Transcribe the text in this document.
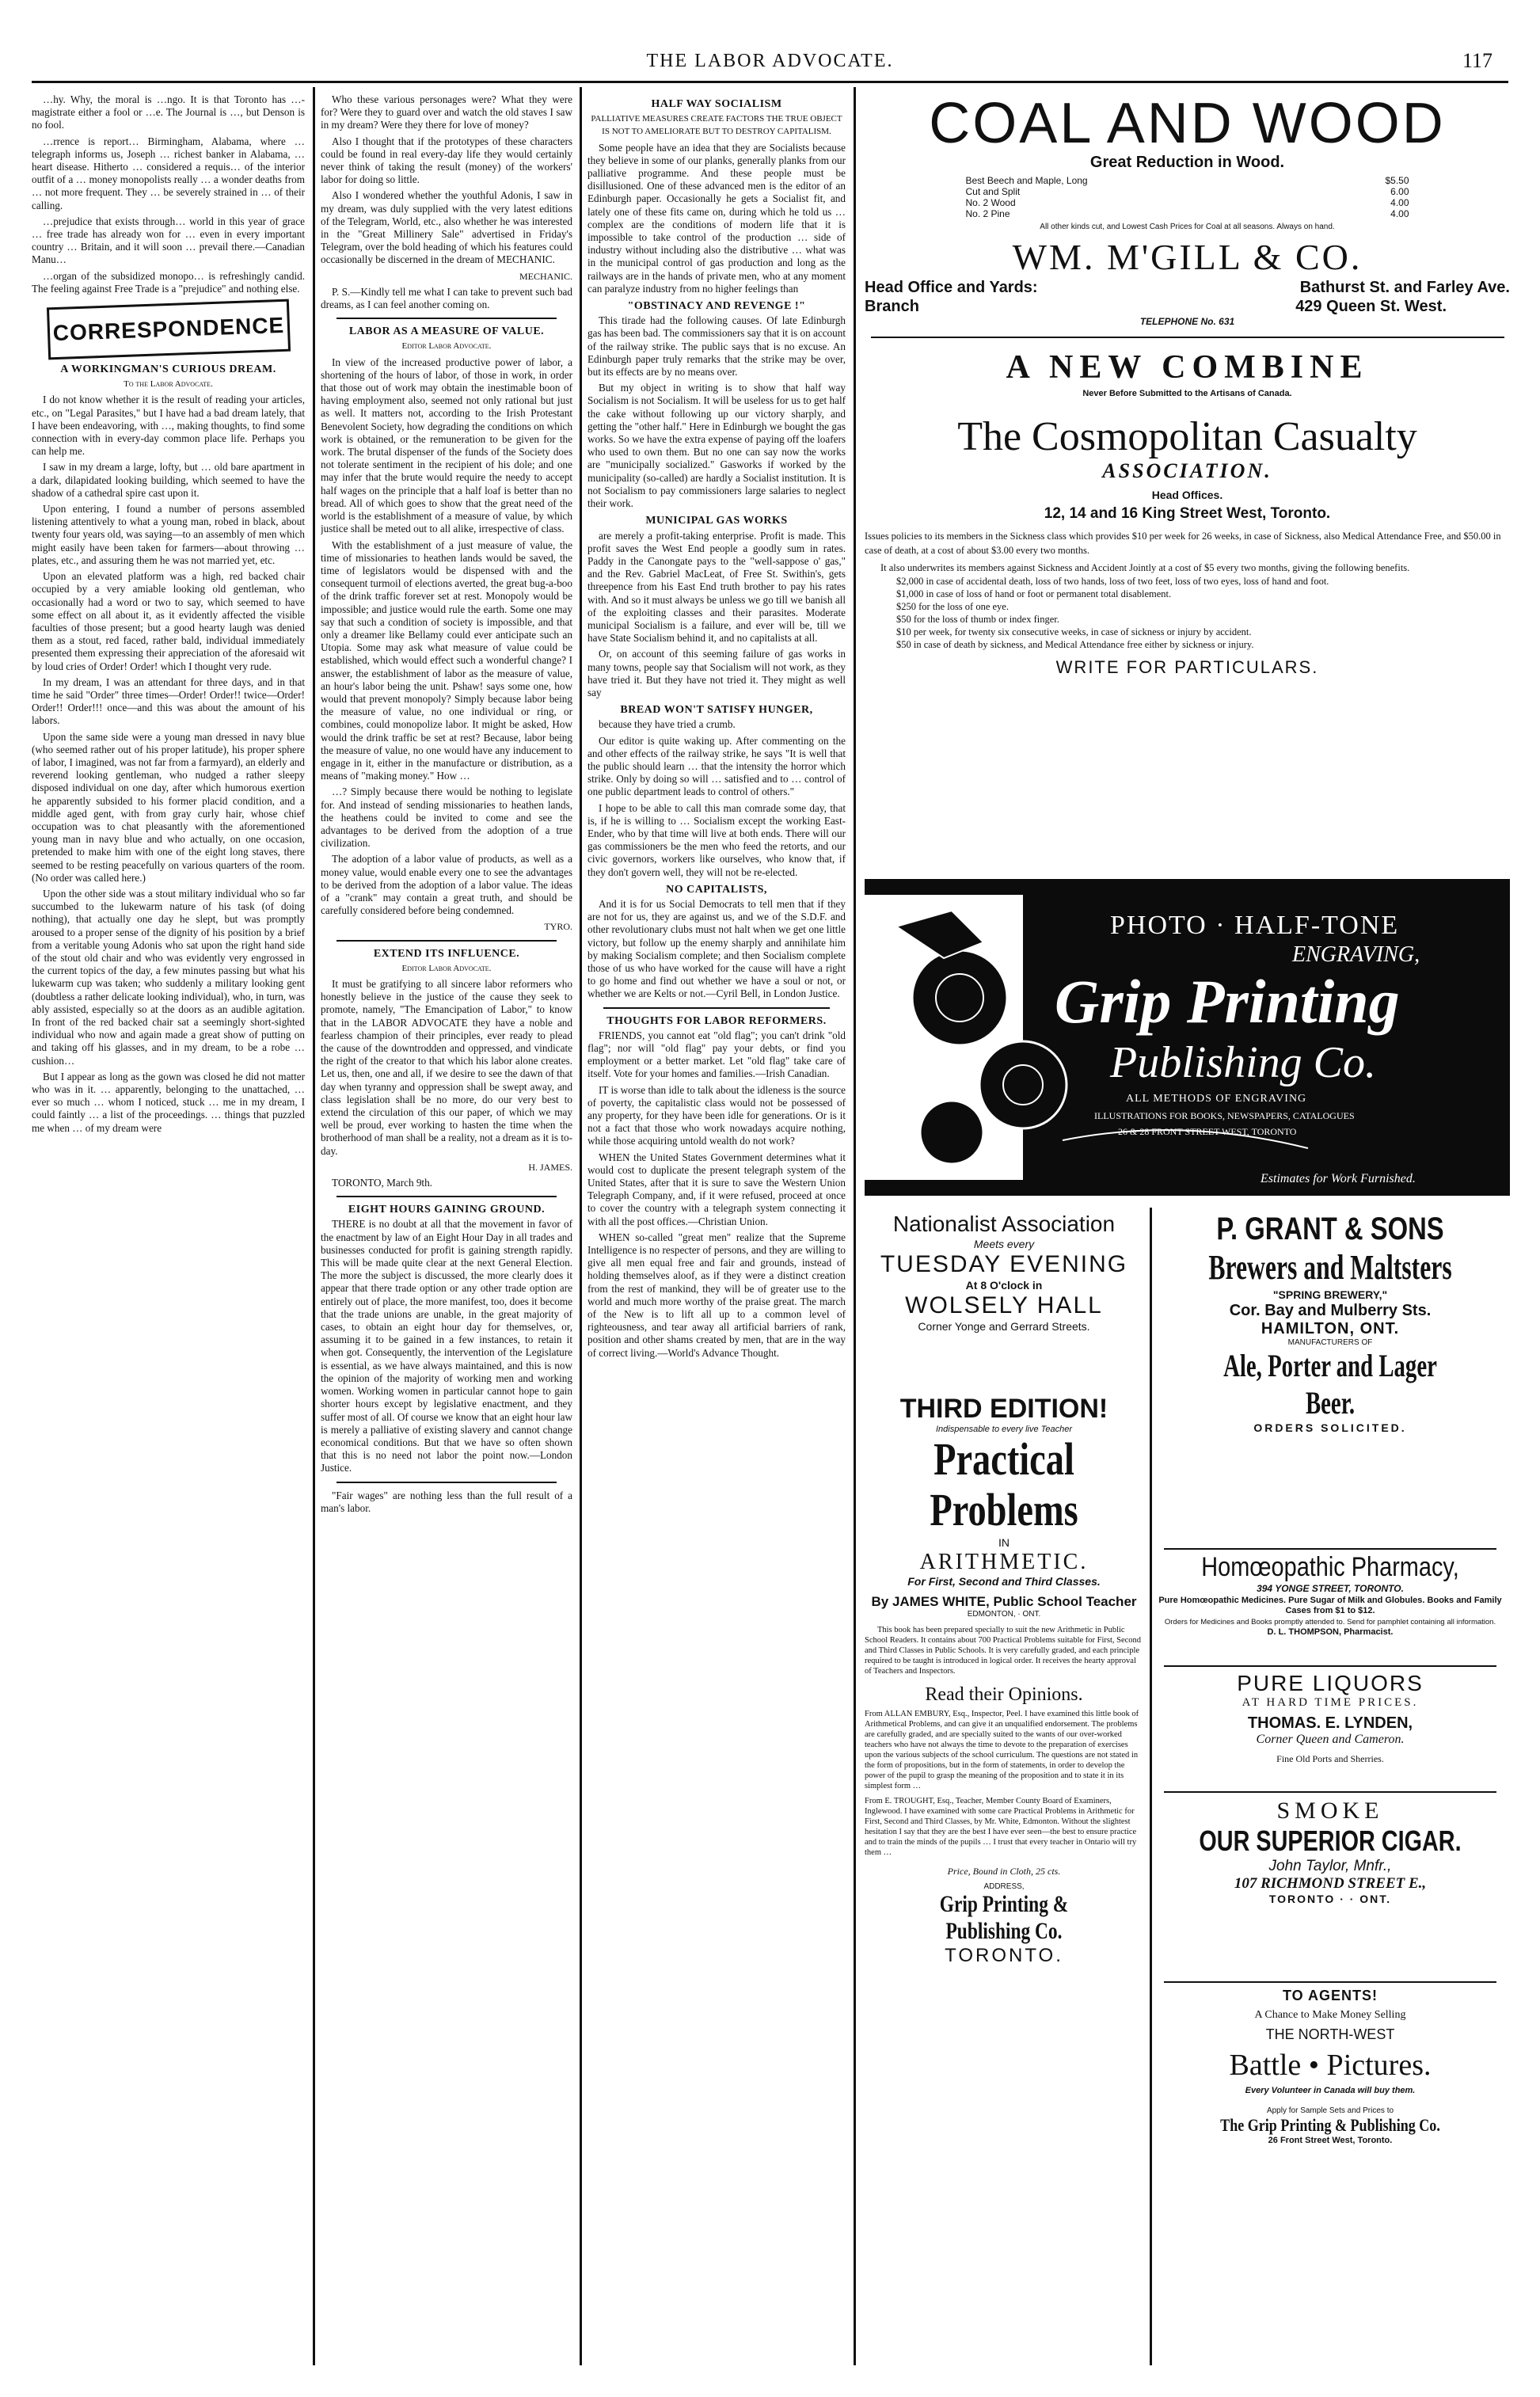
THE LABOR ADVOCATE.	117

…hy. Why, the moral is …ngo. It is that Toronto has …-magistrate either a fool or …e. The Journal is …, but Denson is no fool.

…rrence is report… Birmingham, Alabama, where … telegraph informs us, Joseph … richest banker in Alabama, … heart disease. Hitherto … considered a requis… of the interior outfit of a … money monopolists really … a wonder deaths from … not more frequent. They … be severely strained in … of their calling.

…prejudice that exists through… world in this year of grace … free trade has already won for … even in every important country … Britain, and it will soon … prevail there.—Canadian Manu…

…organ of the subsidized monopo… is refreshingly candid. The feeling against Free Trade is a "prejudice" and nothing else.

CORRESPONDENCE
A WORKINGMAN'S CURIOUS DREAM.
To the Labor Advocate.

I do not know whether it is the result of reading your articles, etc., on "Legal Parasites," but I have had a bad dream lately, that I have been endeavoring, with …, making thoughts, to find some connection with in every-day common place life. Perhaps you can help me.

I saw in my dream a large, lofty, but … old bare apartment in a dark, dilapidated looking building, which seemed to have the shadow of a cathedral spire cast upon it.

Upon entering, I found a number of persons assembled listening attentively to what a young man, robed in black, about twenty four years old, was saying—to an assembly of men which might easily have been taken for farmers—about throwing … plates, etc., and assuring them he was not married yet, etc.

Upon an elevated platform was a high, red backed chair occupied by a very amiable looking old gentleman, who occasionally had a word or two to say, which seemed to have some effect on all about it, as it evidently affected the visible faculties of those present; but a good hearty laugh was denied them as a stout, red faced, rather bald, individual immediately presented them expressing their appreciation of the aforesaid wit by loud cries of Order! Order! which I thought very rude.

In my dream, I was an attendant for three days, and in that time he said "Order" three times—Order! Order!! twice—Order! Order!! Order!!! once—and this was about the amount of his labors.

Upon the same side were a young man dressed in navy blue (who seemed rather out of his proper latitude), his proper sphere of labor, I imagined, was not far from a farmyard), an elderly and reverend looking gentleman, who nudged a rather sleepy disposed individual on one day, after which humorous exertion he apparently subsided to his former placid condition, and a middle aged gent, with from gray curly hair, whose chief occupation was to chat pleasantly with the aforementioned young man in navy blue and who actually, on one occasion, pretended to make him with one of the eight long staves, there seemed to be resting peacefully on various quarters of the room. (No order was called here.)

Upon the other side was a stout military individual who so far succumbed to the lukewarm nature of his task (of doing nothing), that actually one day he slept, but was promptly aroused to a proper sense of the dignity of his position by a brief from a veritable young Adonis who sat upon the right hand side of the stout old chair and who was evidently very engrossed in the current topics of the day, a few minutes passing but what his lukewarm cup was taken; who suddenly a military looking gent (doubtless a rather delicate looking individual), who, in turn, was ably assisted, especially so at the doors as an audible agitation. In front of the red backed chair sat a seemingly short-sighted individual who now and again made a great show of putting on and taking off his glasses, and in my dream, to be a robe … cushion…

But I appear as long as the gown was closed he did not matter who was in it. … apparently, belonging to the unattached, … ever so much … whom I noticed, stuck … me in my dream, I could faintly … a list of the proceedings. … things that puzzled me when … of my dream were

Who these various personages were? What they were for? Were they to guard over and watch the old staves I saw in my dream? Were they there for love of money?

Also I thought that if the prototypes of these characters could be found in real every-day life they would certainly never think of taking the result (money) of the workers' labor for doing so little.

Also I wondered whether the youthful Adonis, I saw in my dream, was duly supplied with the very latest editions of the Telegram, World, etc., also whether he was interested in the "Great Millinery Sale" advertised in Friday's Telegram, over the bold heading of which his features could occasionally be discerned in the dream of MECHANIC.

MECHANIC.

P. S.—Kindly tell me what I can take to prevent such bad dreams, as I can feel another coming on.

LABOR AS A MEASURE OF VALUE.
Editor Labor Advocate.

In view of the increased productive power of labor, a shortening of the hours of labor, of those in work, in order that those out of work may obtain the inestimable boon of having employment also, seemed not only rational but just as well. It matters not, according to the Irish Protestant Benevolent Society, how degrading the conditions on which work is obtained, or the remuneration to be given for the work. The brutal dispenser of the funds of the Society does not tolerate sentiment in the recipient of his dole; and one may infer that the brute would require the needy to accept half wages on the principle that a half loaf is better than no bread. All of which goes to show that the great need of the world is the establishment of a measure of value, by which justice shall be meted out to all alike, irrespective of class.

With the establishment of a just measure of value, the time of missionaries to heathen lands would be saved, the time of legislators would be dispensed with and the consequent turmoil of elections averted, the great bug-a-boo of the drink traffic forever set at rest. Monopoly would be impossible; and justice would rule the earth. Some one may say that such a condition of society is impossible, and that only a dreamer like Bellamy could ever anticipate such an Utopia. Some may ask what measure of value could be established, which would effect such a wonderful change? I answer, the establishment of labor as the measure of value, an hour's labor being the unit. Pshaw! says some one, how would that prevent monopoly? Simply because labor being the measure of value, no one individual or ring, or combines, could monopolize labor. It might be asked, How would the drink traffic be set at rest? Because, labor being the measure of value, no one would have any inducement to engage in it, either in the manufacture or distribution, as a means of "making money." How …

…? Simply because there would be nothing to legislate for. And instead of sending missionaries to heathen lands, the heathens could be invited to come and see the advantages to be derived from the adoption of a true civilization.

The adoption of a labor value of products, as well as a money value, would enable every one to see the advantages to be derived from the adoption of a labor value. The ideas of a "crank" may contain a great truth, and should be carefully considered before being condemned.

TYRO.
EXTEND ITS INFLUENCE.
Editor Labor Advocate.

It must be gratifying to all sincere labor reformers who honestly believe in the justice of the cause they seek to promote, namely, "The Emancipation of Labor," to know that in the LABOR ADVOCATE they have a noble and fearless champion of their principles, ever ready to plead the cause of the downtrodden and oppressed, and vindicate the right of the creator to that which his labor alone creates. Let us, then, one and all, if we desire to see the dawn of that day when tyranny and oppression shall be swept away, and class legislation shall be no more, do our very best to extend the circulation of this our paper, of which we may well be proud, ever working to hasten the time when the brotherhood of man shall be a reality, not a dream as it is to-day.

H. JAMES.

TORONTO, March 9th.

EIGHT HOURS GAINING GROUND.

THERE is no doubt at all that the movement in favor of the enactment by law of an Eight Hour Day in all trades and businesses conducted for profit is gaining strength rapidly. This will be made quite clear at the next General Election. The more the subject is discussed, the more clearly does it appear that there trade option or any other trade option are entirely out of place, the more manifest, too, does it become that the trade unions are unable, in the great majority of cases, to obtain an eight hour day for themselves, or, assuming it to be gained in a few instances, to retain it when got. Consequently, the intervention of the Legislature is essential, as we have always maintained, and this is now the opinion of the majority of working men and working women. Working women in particular cannot hope to gain shorter hours except by legislative enactment, and they suffer most of all. Of course we know that an eight hour law is merely a palliative of existing slavery and cannot change economical conditions. But that we have so often shown that this is no need not labor the point now.—London Justice.

"Fair wages" are nothing less than the full result of a man's labor.

HALF WAY SOCIALISM
PALLIATIVE MEASURES CREATE FACTORS THE TRUE OBJECT IS NOT TO AMELIORATE BUT TO DESTROY CAPITALISM.

Some people have an idea that they are Socialists because they believe in some of our planks, generally planks from our palliative programme. And these people must be disillusioned. One of these advanced men is the editor of an Edinburgh paper. Occasionally he gets a Socialist fit, and lately one of these fits came on, during which he told us … complex are the conditions of modern life that it is impossible to take control of the production … side of industry without including also the distributive … what was in the municipal control of gas production and long as the railways are in the hands of private men, who at any moment can paralyze industry from no higher feelings than

"OBSTINACY AND REVENGE !"

This tirade had the following causes. Of late Edinburgh gas has been bad. The commissioners say that it is on account of the railway strike. The public says that is no excuse. An Edinburgh paper truly remarks that the strike may be over, but its effects are by no means over.

But my object in writing is to show that half way Socialism is not Socialism. It will be useless for us to get half the cake without following up our victory sharply, and getting the "other half." Here in Edinburgh we bought the gas works. So we have the extra expense of paying off the loafers who used to own them. But no one can say now the works are "municipally socialized." Gasworks if worked by the municipality (so-called) are hardly a Socialist institution. It is not Socialism to pay commissioners large salaries to neglect their work.

MUNICIPAL GAS WORKS

are merely a profit-taking enterprise. Profit is made. This profit saves the West End people a goodly sum in rates. Paddy in the Canongate pays to the "well-sappose o' gas," and the Rev. Gabriel MacLeat, of Free St. Swithin's, gets threepence from his East End truth brother to pay his rates with. And so it must always be unless we go till we banish all of the exploiting classes and their parasites. Moderate municipal Socialism is a failure, and ever will be, till we have State Socialism behind it, and no capitalists at all.

Or, on account of this seeming failure of gas works in many towns, people say that Socialism will not work, as they have tried it. But they have not tried it. They might as well say

BREAD WON'T SATISFY HUNGER,

because they have tried a crumb.

Our editor is quite waking up. After commenting on the and other effects of the railway strike, he says "It is well that the public should learn … that the intensity the horror which strike. Only by doing so will … satisfied and to … control of one public department leads to control of others."

I hope to be able to call this man comrade some day, that is, if he is willing to … Socialism except the working East-Ender, who by that time will live at both ends. There will our gas commissioners be the men who feed the retorts, and our civic governors, workers like ourselves, who know that, if they don't govern well, they will not be re-elected.

NO CAPITALISTS,

And it is for us Social Democrats to tell men that if they are not for us, they are against us, and we of the S.D.F. and other revolutionary clubs must not halt when we get one little victory, but follow up the enemy sharply and annihilate him by making Socialism complete; and then Socialism complete those of us who have worked for the cause will have a right to go home and find out whether we have a soul or not, or whether we are Kelts or not.—Cyril Bell, in London Justice.

THOUGHTS FOR LABOR REFORMERS.

FRIENDS, you cannot eat "old flag"; you can't drink "old flag"; nor will "old flag" pay your debts, or find you employment or a better market. Let "old flag" take care of itself. Vote for your homes and families.—Irish Canadian.

IT is worse than idle to talk about the idleness is the source of poverty, the capitalistic class would not be possessed of any property, for they have been idle for generations. Or is it not a fact that those who work nowadays acquire nothing, while those acquiring untold wealth do not work?

WHEN the United States Government determines what it would cost to duplicate the present telegraph system of the United States, after that it is sure to save the Western Union Telegraph Company, and, if it were refused, proceed at once to cover the country with a telegraph system connecting it with all the post offices.—Christian Union.

WHEN so-called "great men" realize that the Supreme Intelligence is no respecter of persons, and they are willing to give all men equal free and fair and grounds, instead of holding themselves aloof, as if they were a distinct creation from the rest of mankind, they will be of greater use to the world and much more worthy of the praise great. The march of the New is to lift all up to a common level of righteousness, and tear away all artificial barriers of rank, position and other shams created by men, that are in the way of correct living.—World's Advance Thought.

COAL AND WOOD
Great Reduction in Wood.
Best Beech and Maple, Long	$5.50
Cut and Split	6.00
No. 2 Wood	4.00
No. 2 Pine	4.00
All other kinds cut, and Lowest Cash Prices for Coal at all seasons. Always on hand.
WM. M'GILL & CO.
Head Office and Yards:	Bathurst St. and Farley Ave.
Branch	429 Queen St. West.
TELEPHONE No. 631
A NEW COMBINE
Never Before Submitted to the Artisans of Canada.
The Cosmopolitan Casualty
ASSOCIATION.
Head Offices.
12, 14 and 16 King Street West, Toronto.
Issues policies to its members in the Sickness class which provides $10 per week for 26 weeks, in case of Sickness, also Medical Attendance Free, and $50.00 in case of death, at a cost of about $3.00 every two months.
It also underwrites its members against Sickness and Accident Jointly at a cost of $5 every two months, giving the following benefits.
$2,000 in case of accidental death, loss of two hands, loss of two feet, loss of two eyes, loss of hand and foot.
$1,000 in case of loss of hand or foot or permanent total disablement.
$250 for the loss of one eye.
$50 for the loss of thumb or index finger.
$10 per week, for twenty six consecutive weeks, in case of sickness or injury by accident.
$50 in case of death by sickness, and Medical Attendance free either by sickness or injury.
WRITE FOR PARTICULARS.
PHOTO · HALF-TONE
ENGRAVING,
Grip Printing
Publishing Co.
ALL METHODS OF ENGRAVING
ILLUSTRATIONS FOR BOOKS, NEWSPAPERS, CATALOGUES
26 & 28 FRONT STREET WEST, TORONTO
Estimates for Work Furnished.
Nationalist Association
Meets every
TUESDAY EVENING
At 8 O'clock in
WOLSELY HALL
Corner Yonge and Gerrard Streets.
THIRD EDITION!
Indispensable to every live Teacher
Practical Problems
IN
ARITHMETIC.
For First, Second and Third Classes.
By JAMES WHITE, Public School Teacher
EDMONTON, · ONT.
This book has been prepared specially to suit the new Arithmetic in Public School Readers. It contains about 700 Practical Problems suitable for First, Second and Third Classes in Public Schools. It is very carefully graded, and each principle required to be taught is introduced in logical order. It receives the hearty approval of Teachers and Inspectors.
Read their Opinions.
From ALLAN EMBURY, Esq., Inspector, Peel. I have examined this little book of Arithmetical Problems, and can give it an unqualified endorsement. The problems are carefully graded, and are specially suited to the wants of our over-worked teachers who have not always the time to devote to the preparation of exercises upon the various subjects of the school curriculum. The questions are not stated in the form of propositions, but in the form of statements, in order to develop the power of the pupil to grasp the meaning of the proposition and to state it in its simplest form …
From E. TROUGHT, Esq., Teacher, Member County Board of Examiners, Inglewood. I have examined with some care Practical Problems in Arithmetic for First, Second and Third Classes, by Mr. White, Edmonton. Without the slightest hesitation I say that they are the best I have ever seen—the best to ensure practice and to train the minds of the pupils … I trust that every teacher in Ontario will try them …
Price, Bound in Cloth, 25 cts.
ADDRESS,
Grip Printing & Publishing Co.
TORONTO.
P. GRANT & SONS
Brewers and Maltsters
"SPRING BREWERY,"
Cor. Bay and Mulberry Sts.
HAMILTON, ONT.
MANUFACTURERS OF
Ale, Porter and Lager Beer.
ORDERS SOLICITED.
Homœopathic Pharmacy,
394 YONGE STREET, TORONTO.
Pure Homœopathic Medicines. Pure Sugar of Milk and Globules. Books and Family Cases from $1 to $12.
Orders for Medicines and Books promptly attended to. Send for pamphlet containing all information.
D. L. THOMPSON, Pharmacist.
PURE LIQUORS
AT HARD TIME PRICES.
THOMAS. E. LYNDEN,
Corner Queen and Cameron.
Fine Old Ports and Sherries.
SMOKE
OUR SUPERIOR CIGAR.
John Taylor, Mnfr.,
107 RICHMOND STREET E.,
TORONTO · · ONT.
TO AGENTS!
A Chance to Make Money Selling
THE NORTH-WEST
Battle • Pictures.
Every Volunteer in Canada will buy them.
Apply for Sample Sets and Prices to
The Grip Printing & Publishing Co.
26 Front Street West, Toronto.
